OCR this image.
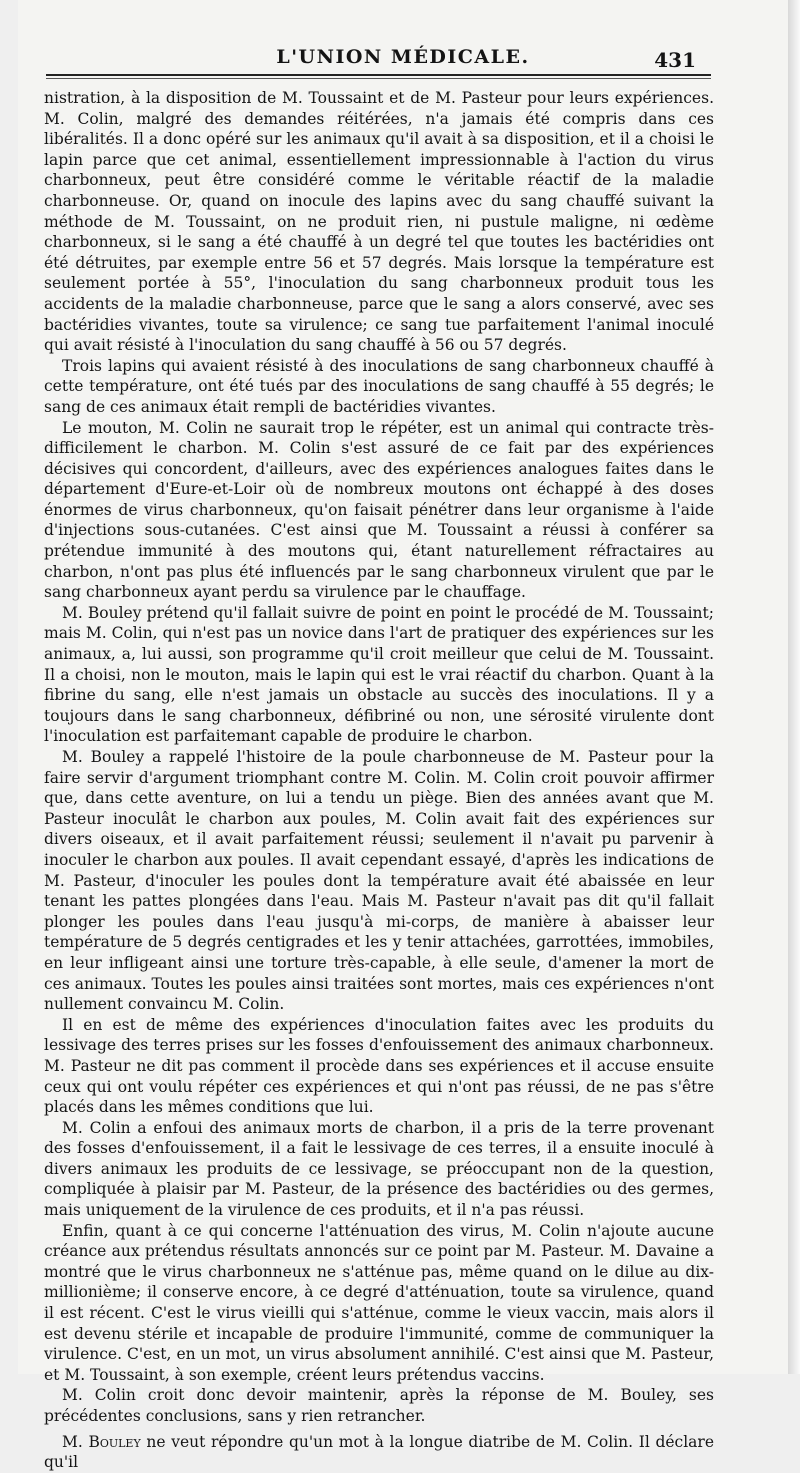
L'UNION MÉDICALE.	431

nistration, à la disposition de M. Toussaint et de M. Pasteur pour leurs expériences. M. Colin, malgré des demandes réitérées, n'a jamais été compris dans ces libéralités. Il a donc opéré sur les animaux qu'il avait à sa disposition, et il a choisi le lapin parce que cet animal, essentiellement impressionnable à l'action du virus charbonneux, peut être considéré comme le véritable réactif de la maladie charbonneuse. Or, quand on inocule des lapins avec du sang chauffé suivant la méthode de M. Toussaint, on ne produit rien, ni pustule maligne, ni œdème charbonneux, si le sang a été chauffé à un degré tel que toutes les bactéridies ont été détruites, par exemple entre 56 et 57 degrés. Mais lorsque la température est seulement portée à 55°, l'inoculation du sang charbonneux produit tous les accidents de la maladie charbonneuse, parce que le sang a alors conservé, avec ses bactéridies vivantes, toute sa virulence; ce sang tue parfaitement l'animal inoculé qui avait résisté à l'inoculation du sang chauffé à 56 ou 57 degrés.

Trois lapins qui avaient résisté à des inoculations de sang charbonneux chauffé à cette température, ont été tués par des inoculations de sang chauffé à 55 degrés; le sang de ces animaux était rempli de bactéridies vivantes.

Le mouton, M. Colin ne saurait trop le répéter, est un animal qui contracte très-difficilement le charbon. M. Colin s'est assuré de ce fait par des expériences décisives qui concordent, d'ailleurs, avec des expériences analogues faites dans le département d'Eure-et-Loir où de nombreux moutons ont échappé à des doses énormes de virus charbonneux, qu'on faisait pénétrer dans leur organisme à l'aide d'injections sous-cutanées. C'est ainsi que M. Toussaint a réussi à conférer sa prétendue immunité à des moutons qui, étant naturellement réfractaires au charbon, n'ont pas plus été influencés par le sang charbonneux virulent que par le sang charbonneux ayant perdu sa virulence par le chauffage.

M. Bouley prétend qu'il fallait suivre de point en point le procédé de M. Toussaint; mais M. Colin, qui n'est pas un novice dans l'art de pratiquer des expériences sur les animaux, a, lui aussi, son programme qu'il croit meilleur que celui de M. Toussaint. Il a choisi, non le mouton, mais le lapin qui est le vrai réactif du charbon. Quant à la fibrine du sang, elle n'est jamais un obstacle au succès des inoculations. Il y a toujours dans le sang charbonneux, défibriné ou non, une sérosité virulente dont l'inoculation est parfaitemant capable de produire le charbon.

M. Bouley a rappelé l'histoire de la poule charbonneuse de M. Pasteur pour la faire servir d'argument triomphant contre M. Colin. M. Colin croit pouvoir affirmer que, dans cette aventure, on lui a tendu un piège. Bien des années avant que M. Pasteur inoculât le charbon aux poules, M. Colin avait fait des expériences sur divers oiseaux, et il avait parfaitement réussi; seulement il n'avait pu parvenir à inoculer le charbon aux poules. Il avait cependant essayé, d'après les indications de M. Pasteur, d'inoculer les poules dont la température avait été abaissée en leur tenant les pattes plongées dans l'eau. Mais M. Pasteur n'avait pas dit qu'il fallait plonger les poules dans l'eau jusqu'à mi-corps, de manière à abaisser leur température de 5 degrés centigrades et les y tenir attachées, garrottées, immobiles, en leur infligeant ainsi une torture très-capable, à elle seule, d'amener la mort de ces animaux. Toutes les poules ainsi traitées sont mortes, mais ces expériences n'ont nullement convaincu M. Colin.

Il en est de même des expériences d'inoculation faites avec les produits du lessivage des terres prises sur les fosses d'enfouissement des animaux charbonneux. M. Pasteur ne dit pas comment il procède dans ses expériences et il accuse ensuite ceux qui ont voulu répéter ces expériences et qui n'ont pas réussi, de ne pas s'être placés dans les mêmes conditions que lui.

M. Colin a enfoui des animaux morts de charbon, il a pris de la terre provenant des fosses d'enfouissement, il a fait le lessivage de ces terres, il a ensuite inoculé à divers animaux les produits de ce lessivage, se préoccupant non de la question, compliquée à plaisir par M. Pasteur, de la présence des bactéridies ou des germes, mais uniquement de la virulence de ces produits, et il n'a pas réussi.

Enfin, quant à ce qui concerne l'atténuation des virus, M. Colin n'ajoute aucune créance aux prétendus résultats annoncés sur ce point par M. Pasteur. M. Davaine a montré que le virus charbonneux ne s'atténue pas, même quand on le dilue au dix-millionième; il conserve encore, à ce degré d'atténuation, toute sa virulence, quand il est récent. C'est le virus vieilli qui s'atténue, comme le vieux vaccin, mais alors il est devenu stérile et incapable de produire l'immunité, comme de communiquer la virulence. C'est, en un mot, un virus absolument annihilé. C'est ainsi que M. Pasteur, et M. Toussaint, à son exemple, créent leurs prétendus vaccins.

M. Colin croit donc devoir maintenir, après la réponse de M. Bouley, ses précédentes conclusions, sans y rien retrancher.

M. Bouley ne veut répondre qu'un mot à la longue diatribe de M. Colin. Il déclare qu'il
